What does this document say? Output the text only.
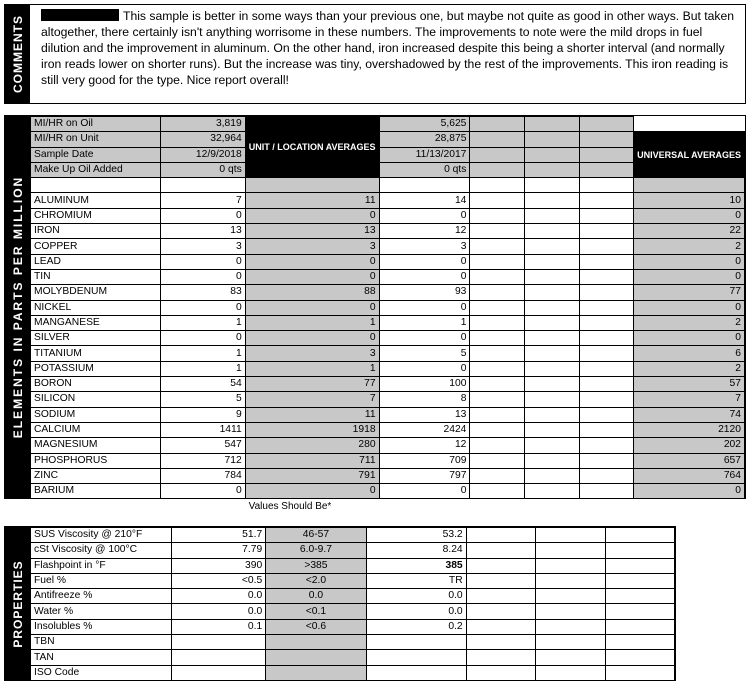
COMMENTS	This sample is better in some ways than your previous one, but maybe not quite as good in other ways. But taken altogether, there certainly isn't anything worrisome in these numbers. The improvements to note were the mild drops in fuel dilution and the improvement in aluminum. On the other hand, iron increased despite this being a shorter interval (and normally iron reads lower on shorter runs). But the increase was tiny, overshadowed by the rest of the improvements. This iron reading is still very good for the type. Nice report overall!
ELEMENTS IN PARTS PER MILLION
MI/HR on Oil	3,819	UNIT / LOCATION AVERAGES	5,625				
MI/HR on Unit	32,964		28,875				UNIVERSAL AVERAGES
Sample Date	12/9/2018		11/13/2017				
Make Up Oil Added	0 qts		0 qts				

ALUMINUM	7	11	14				10
CHROMIUM	0	0	0				0
IRON	13	13	12				22
COPPER	3	3	3				2
LEAD	0	0	0				0
TIN	0	0	0				0
MOLYBDENUM	83	88	93				77
NICKEL	0	0	0				0
MANGANESE	1	1	1				2
SILVER	0	0	0				0
TITANIUM	1	3	5				6
POTASSIUM	1	1	0				2
BORON	54	77	100				57
SILICON	5	7	8				7
SODIUM	9	11	13				74
CALCIUM	1411	1918	2424				2120
MAGNESIUM	547	280	12				202
PHOSPHORUS	712	711	709				657
ZINC	784	791	797				764
BARIUM	0	0	0				0
Values Should Be*
PROPERTIES
SUS Viscosity @ 210°F	51.7	46-57	53.2			
cSt Viscosity @ 100°C	7.79	6.0-9.7	8.24			
Flashpoint in °F	390	>385	385			
Fuel %	<0.5	<2.0	TR			
Antifreeze %	0.0	0.0	0.0			
Water %	0.0	<0.1	0.0			
Insolubles %	0.1	<0.6	0.2			
TBN						
TAN						
ISO Code						
